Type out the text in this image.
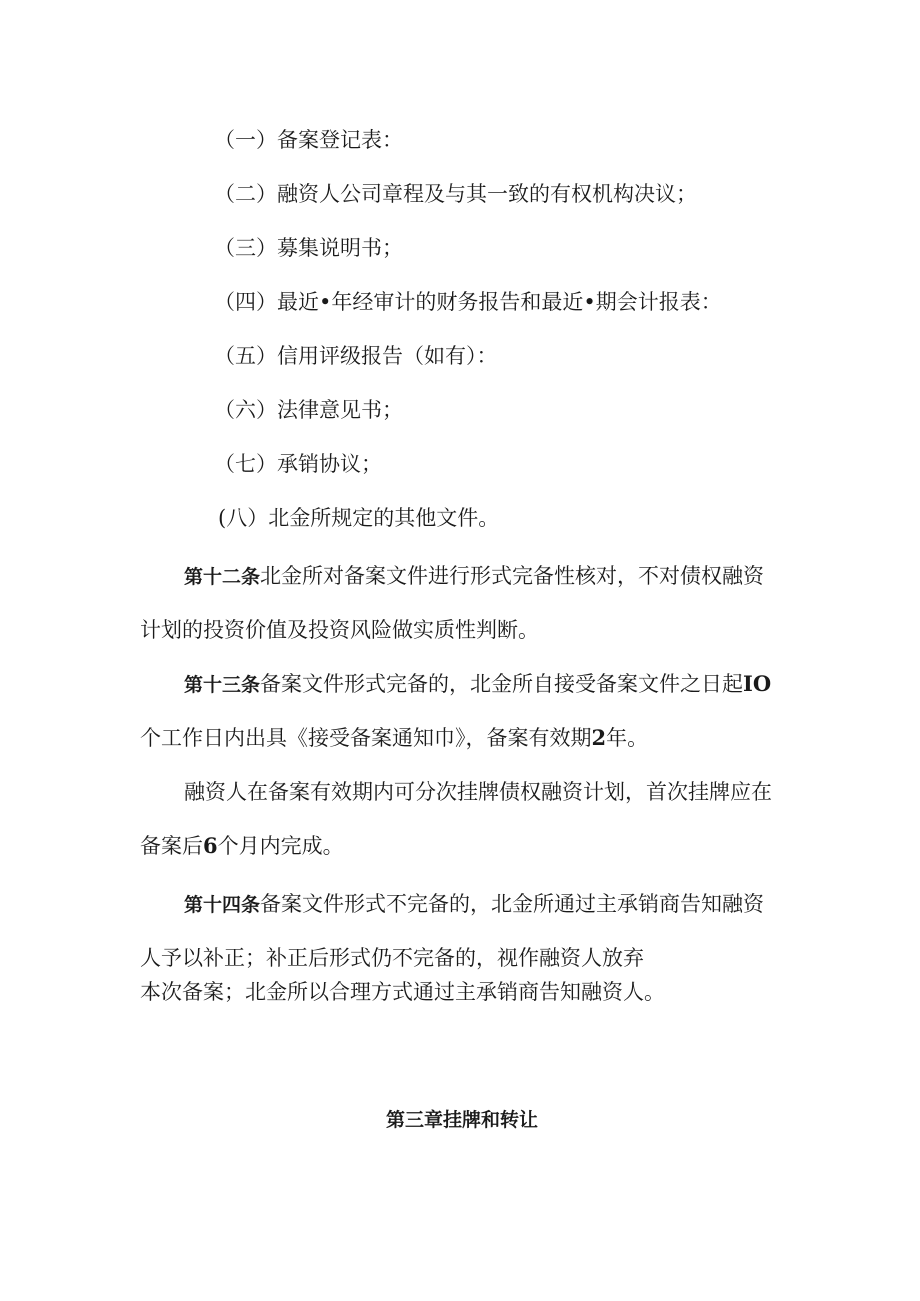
（一）备案登记表：

（二）融资人公司章程及与其一致的有权机构决议；

（三）募集说明书；

（四）最近•年经审计的财务报告和最近•期会计报表：

（五）信用评级报告（如有）：

（六）法律意见书；

（七）承销协议；

(八）北金所规定的其他文件。

第十二条北金所对备案文件进行形式完备性核对，不对债权融资

计划的投资价值及投资风险做实质性判断。

第十三条备案文件形式完备的，北金所自接受备案文件之日起IO

个工作日内出具《接受备案通知巾》，备案有效期2年。

融资人在备案有效期内可分次挂牌债权融资计划，首次挂牌应在

备案后6个月内完成。

第十四条备案文件形式不完备的，北金所通过主承销商告知融资

人予以补正；补正后形式仍不完备的，视作融资人放弃

本次备案；北金所以合理方式通过主承销商告知融资人。

第三章挂牌和转让
